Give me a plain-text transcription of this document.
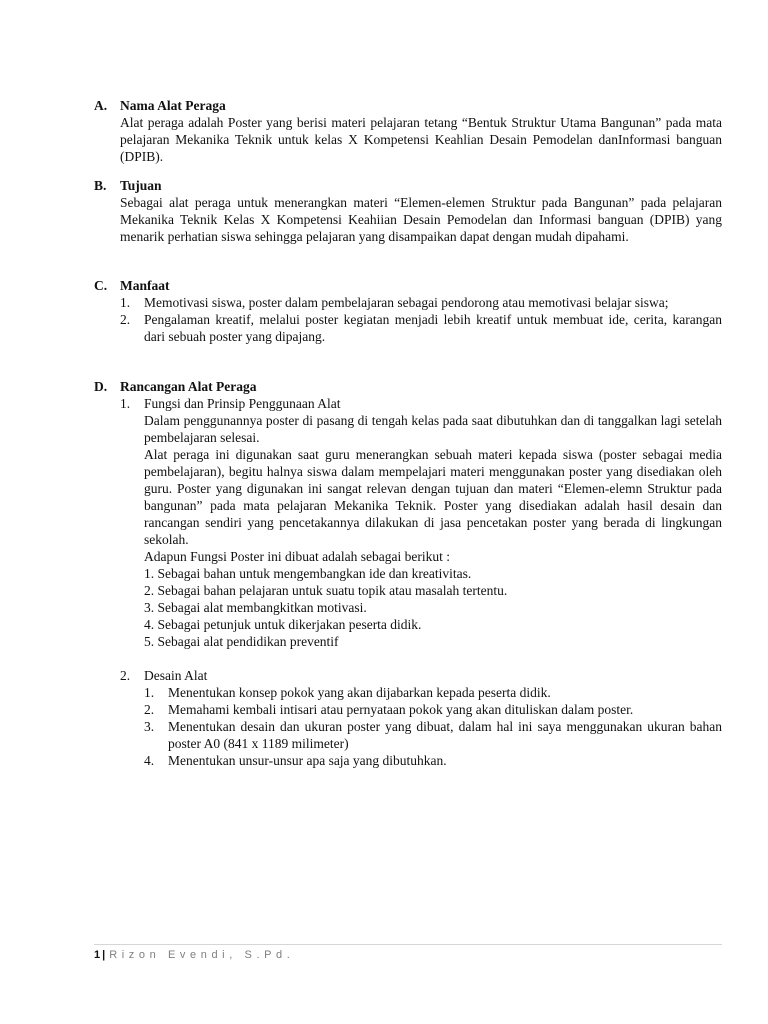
A. Nama Alat Peraga
Alat peraga adalah Poster yang berisi materi pelajaran tetang “Bentuk Struktur Utama Bangunan” pada mata pelajaran Mekanika Teknik untuk kelas X Kompetensi Keahlian Desain Pemodelan danInformasi banguan (DPIB).
B.	Tujuan
Sebagai alat peraga untuk menerangkan materi “Elemen-elemen Struktur pada Bangunan” pada pelajaran Mekanika Teknik Kelas X Kompetensi Keahiian Desain Pemodelan dan Informasi banguan (DPIB) yang menarik perhatian siswa sehingga pelajaran yang disampaikan dapat dengan mudah dipahami.
C. Manfaat
1.	Memotivasi siswa, poster dalam pembelajaran sebagai pendorong atau memotivasi belajar siswa;
2.	Pengalaman kreatif, melalui poster kegiatan menjadi lebih kreatif untuk membuat ide, cerita, karangan dari sebuah poster yang dipajang.
D. Rancangan Alat Peraga
1.	Fungsi dan Prinsip Penggunaan Alat
Dalam penggunannya poster di pasang di tengah kelas pada saat dibutuhkan dan di tanggalkan lagi setelah pembelajaran selesai.
Alat peraga ini digunakan saat guru menerangkan sebuah materi kepada siswa (poster sebagai media pembelajaran), begitu halnya siswa dalam mempelajari materi menggunakan poster yang disediakan oleh guru. Poster yang digunakan ini sangat relevan dengan tujuan dan materi “Elemen-elemn Struktur pada bangunan” pada mata pelajaran Mekanika Teknik. Poster yang disediakan adalah hasil desain dan rancangan sendiri yang pencetakannya dilakukan di jasa pencetakan poster yang berada di lingkungan sekolah.
Adapun Fungsi Poster ini dibuat adalah sebagai berikut :
1. Sebagai bahan untuk mengembangkan ide dan kreativitas.
2. Sebagai bahan pelajaran untuk suatu topik atau masalah tertentu.
3. Sebagai alat membangkitkan motivasi.
4. Sebagai petunjuk untuk dikerjakan peserta didik.
5. Sebagai alat pendidikan preventif
2.	Desain Alat
1.	Menentukan konsep pokok yang akan dijabarkan kepada peserta didik.
2.	Memahami kembali intisari atau pernyataan pokok yang akan dituliskan dalam poster.
3.	Menentukan desain dan ukuran poster yang dibuat, dalam hal ini saya menggunakan ukuran bahan poster A0 (841 x 1189 milimeter)
4.	Menentukan unsur-unsur apa saja yang dibutuhkan.
1 | Rizon Evendi, S.Pd.
